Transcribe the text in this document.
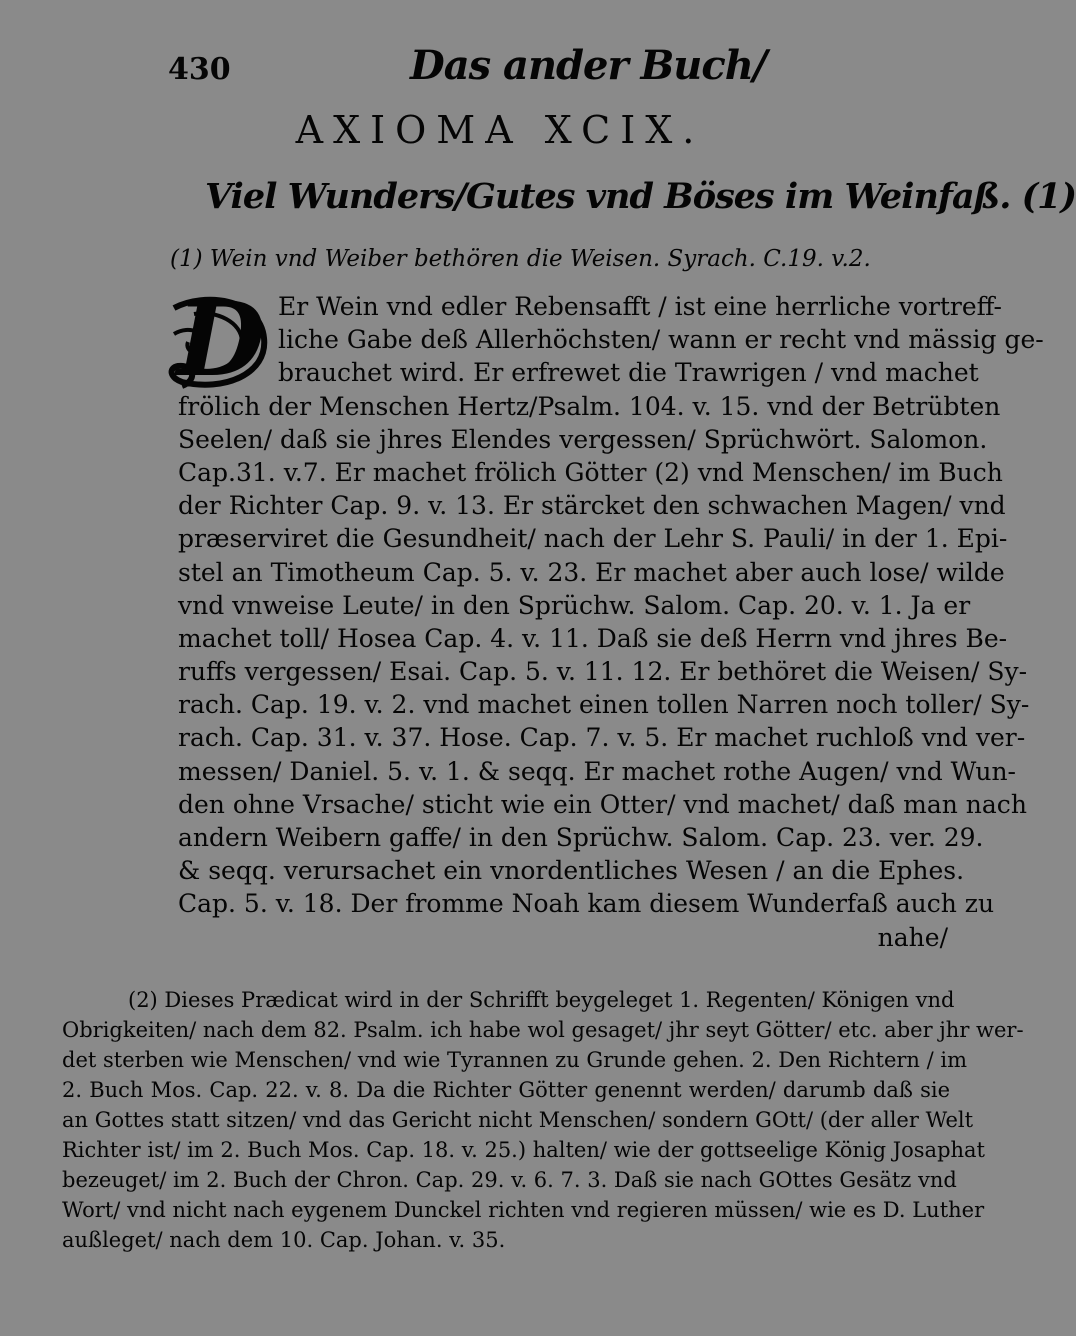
430	Das ander Buch/
AXIOMA XCIX.
Viel Wunders/Gutes vnd Böses im Weinfaß. (1)
(1) Wein vnd Weiber bethören die Weisen. Syrach. C.19. v.2.
Er Wein vnd edler Rebensafft / ist eine herrliche vortreff-
liche Gabe deß Allerhöchsten/ wann er recht vnd mässig ge-
brauchet wird. Er erfrewet die Trawrigen / vnd machet
frölich der Menschen Hertz/Psalm. 104. v. 15. vnd der Betrübten
Seelen/ daß sie jhres Elendes vergessen/ Sprüchwört. Salomon.
Cap.31. v.7. Er machet frölich Götter (2) vnd Menschen/ im Buch
der Richter Cap. 9. v. 13. Er stärcket den schwachen Magen/ vnd
præserviret die Gesundheit/ nach der Lehr S. Pauli/ in der 1. Epi-
stel an Timotheum Cap. 5. v. 23. Er machet aber auch lose/ wilde
vnd vnweise Leute/ in den Sprüchw. Salom. Cap. 20. v. 1. Ja er
machet toll/ Hosea Cap. 4. v. 11. Daß sie deß Herrn vnd jhres Be-
ruffs vergessen/ Esai. Cap. 5. v. 11. 12. Er bethöret die Weisen/ Sy-
rach. Cap. 19. v. 2. vnd machet einen tollen Narren noch toller/ Sy-
rach. Cap. 31. v. 37. Hose. Cap. 7. v. 5. Er machet ruchloß vnd ver-
messen/ Daniel. 5. v. 1. & seqq. Er machet rothe Augen/ vnd Wun-
den ohne Vrsache/ sticht wie ein Otter/ vnd machet/ daß man nach
andern Weibern gaffe/ in den Sprüchw. Salom. Cap. 23. ver. 29.
& seqq. verursachet ein vnordentliches Wesen / an die Ephes.
Cap. 5. v. 18. Der fromme Noah kam diesem Wunderfaß auch zu
nahe/
D
(2) Dieses Prædicat wird in der Schrifft beygeleget 1. Regenten/ Königen vnd
Obrigkeiten/ nach dem 82. Psalm. ich habe wol gesaget/ jhr seyt Götter/ etc. aber jhr wer-
det sterben wie Menschen/ vnd wie Tyrannen zu Grunde gehen. 2. Den Richtern / im
2. Buch Mos. Cap. 22. v. 8. Da die Richter Götter genennt werden/ darumb daß sie
an Gottes statt sitzen/ vnd das Gericht nicht Menschen/ sondern GOtt/ (der aller Welt
Richter ist/ im 2. Buch Mos. Cap. 18. v. 25.) halten/ wie der gottseelige König Josaphat
bezeuget/ im 2. Buch der Chron. Cap. 29. v. 6. 7. 3. Daß sie nach GOttes Gesätz vnd
Wort/ vnd nicht nach eygenem Dunckel richten vnd regieren müssen/ wie es D. Luther
außleget/ nach dem 10. Cap. Johan. v. 35.
